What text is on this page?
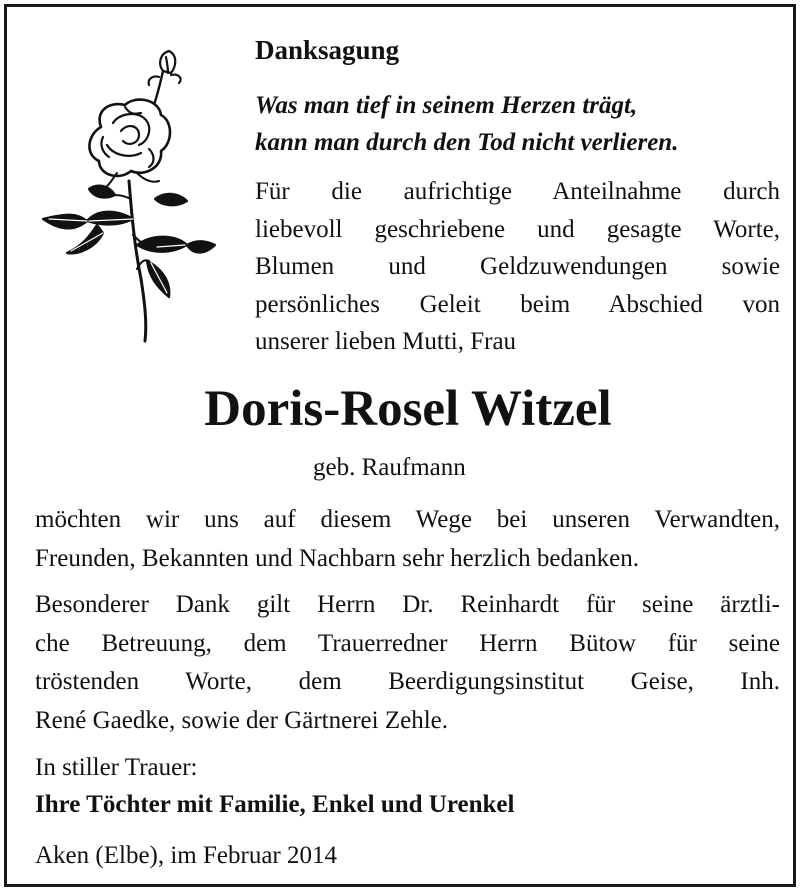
Danksagung
Was man tief in seinem Herzen trägt,
kann man durch den Tod nicht verlieren.
Für die aufrichtige Anteilnahme durch
liebevoll geschriebene und gesagte Worte,
Blumen und Geldzuwendungen sowie
persönliches Geleit beim Abschied von
unserer lieben Mutti, Frau
Doris-Rosel Witzel
geb. Raufmann
möchten wir uns auf diesem Wege bei unseren Verwandten,
Freunden, Bekannten und Nachbarn sehr herzlich bedanken.
Besonderer Dank gilt Herrn Dr. Reinhardt für seine ärztli-
che Betreuung, dem Trauerredner Herrn Bütow für seine
tröstenden Worte, dem Beerdigungsinstitut Geise, Inh.
René Gaedke, sowie der Gärtnerei Zehle.
In stiller Trauer:
Ihre Töchter mit Familie, Enkel und Urenkel
Aken (Elbe), im Februar 2014
